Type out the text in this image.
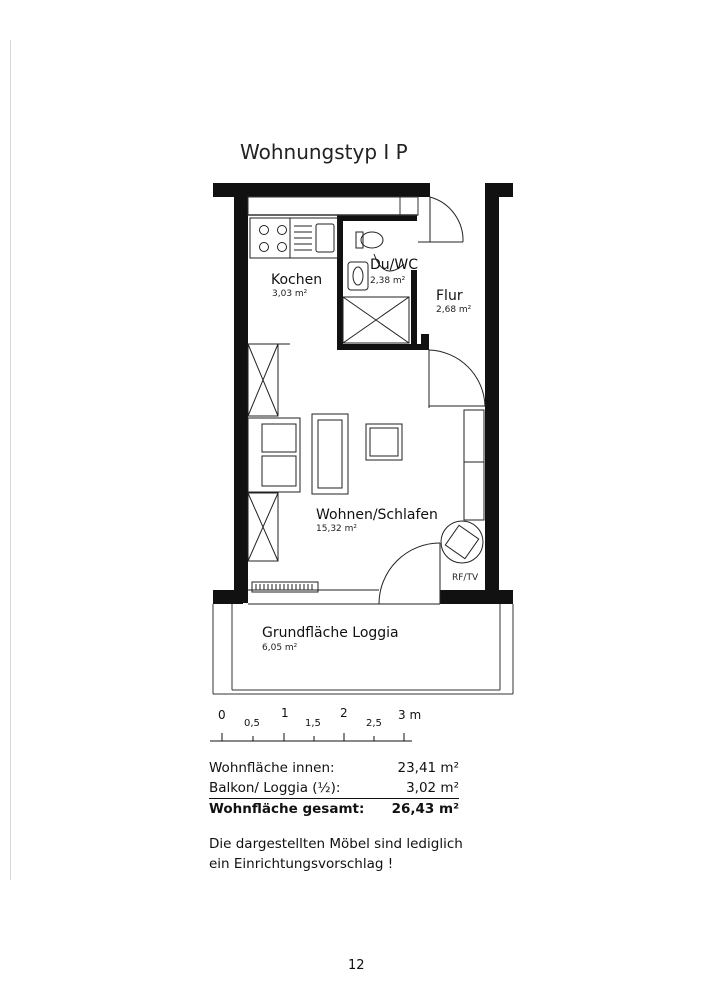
Wohnungstyp I P
Kochen
3,03 m²
Du/WC
2,38 m²
Flur
2,68 m²
Wohnen/Schlafen
15,32 m²
RF/TV
Grundfläche Loggia
6,05 m²
0	1	2	3 m
0,5	1,5	2,5
Wohnfläche innen:	23,41 m²
Balkon/ Loggia (½):	3,02 m²
Wohnfläche gesamt: 26,43 m²
Die dargestellten Möbel sind lediglich
ein Einrichtungsvorschlag !
12
